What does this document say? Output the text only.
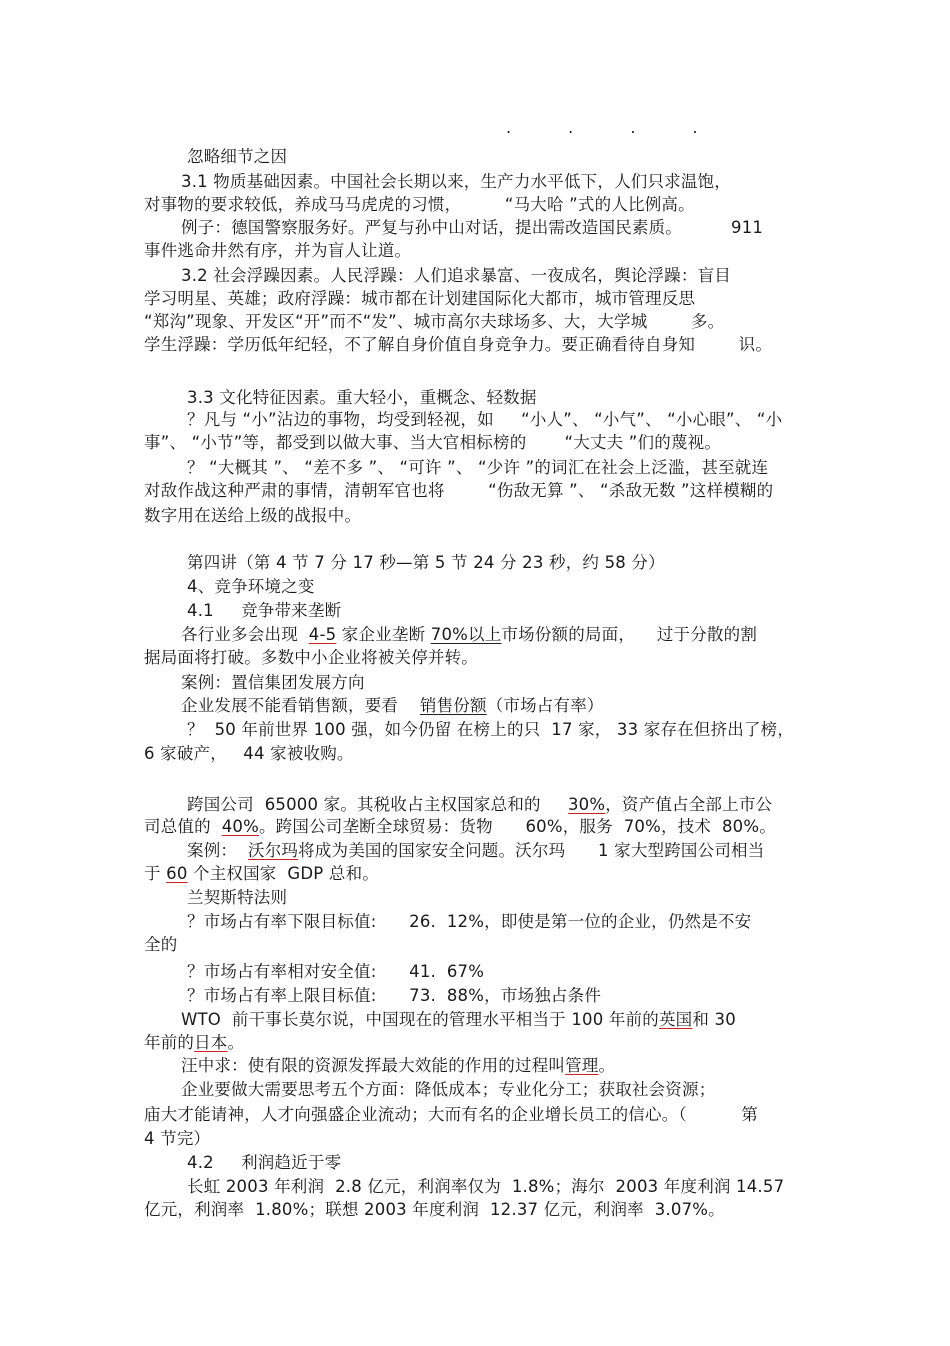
. . . .
忽略细节之因
3.1 物质基础因素。中国社会长期以来，生产力水平低下，人们只求温饱，
对事物的要求较低，养成马马虎虎的习惯，        “马大哈 ”式的人比例高。
例子：德国警察服务好。严复与孙中山对话，提出需改造国民素质。         911
事件逃命井然有序，并为盲人让道。
3.2 社会浮躁因素。人民浮躁：人们追求暴富、一夜成名，舆论浮躁：盲目
学习明星、英雄；政府浮躁：城市都在计划建国际化大都市，城市管理反思
“郑沟”现象、开发区“开”而不“发”、城市高尔夫球场多、大，大学城        多。
学生浮躁：学历低年纪轻，不了解自身价值自身竞争力。要正确看待自身知        识。
3.3 文化特征因素。重大轻小，重概念、轻数据
？凡与 “小”沾边的事物，均受到轻视，如     “小人”、 “小气”、 “小心眼”、 “小
事”、 “小节”等，都受到以做大事、当大官相标榜的       “大丈夫 ”们的蔑视。
？ “大概其 ”、 “差不多 ”、 “可许 ”、 “少许 ”的词汇在社会上泛滥，甚至就连
对敌作战这种严肃的事情，清朝军官也将        “伤敌无算 ”、 “杀敌无数 ”这样模糊的
数字用在送给上级的战报中。
第四讲（第 4 节 7 分 17 秒—第 5 节 24 分 23 秒，约 58 分）
4、竞争环境之变
4.1     竞争带来垄断
各行业多会出现  4-5 家企业垄断 70%以上市场份额的局面，    过于分散的割
据局面将打破。多数中小企业将被关停并转。
案例：置信集团发展方向
企业发展不能看销售额，要看    销售份额（市场占有率）
？  50 年前世界 100 强，如今仍留 在榜上的只  17 家， 33 家存在但挤出了榜，
6 家破产，   44 家被收购。
跨国公司  65000 家。其税收占主权国家总和的     30%，资产值占全部上市公
司总值的  40%。跨国公司垄断全球贸易：货物      60%，服务  70%，技术  80%。
案例：  沃尔玛将成为美国的国家安全问题。沃尔玛      1 家大型跨国公司相当
于 60 个主权国家  GDP 总和。
兰契斯特法则
？市场占有率下限目标值:      26.  12%，即使是第一位的企业，仍然是不安
全的
？市场占有率相对安全值:      41.  67%
？市场占有率上限目标值:      73.  88%，市场独占条件
WTO  前干事长莫尔说，中国现在的管理水平相当于 100 年前的英国和 30
年前的日本。
汪中求：使有限的资源发挥最大效能的作用的过程叫管理。
企业要做大需要思考五个方面：降低成本；专业化分工；获取社会资源；
庙大才能请神，人才向强盛企业流动；大而有名的企业增长员工的信心。（          第
4 节完）
4.2     利润趋近于零
长虹 2003 年利润  2.8 亿元，利润率仅为  1.8%；海尔  2003 年度利润 14.57
亿元，利润率  1.80%；联想 2003 年度利润  12.37 亿元，利润率  3.07%。
